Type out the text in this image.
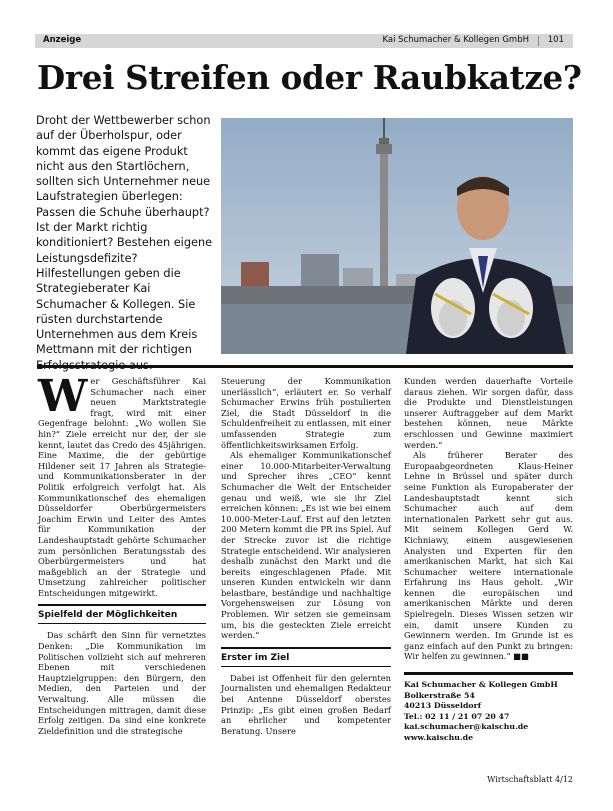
Anzeige	Kai Schumacher & Kollegen GmbH 101
Drei Streifen oder Raubkatze?
Droht der Wettbewerber schon auf der Überholspur, oder kommt das eigene Produkt nicht aus den Startlöchern, sollten sich Unternehmer neue Laufstrategien überlegen: Passen die Schuhe überhaupt? Ist der Markt richtig konditioniert? Bestehen eigene Leistungsdefizite? Hilfestellungen geben die Strategieberater Kai Schumacher & Kollegen. Sie rüsten durchstartende Unternehmen aus dem Kreis Mettmann mit der richtigen

Wer Geschäftsführer Kai Schumacher nach einer neuen Marktstrategie fragt, wird mit einer Gegenfrage belohnt: „Wo wollen Sie hin?“ Ziele erreicht nur der, der sie kennt, lautet das Credo des 45jährigen. Eine Maxime, die der gebürtige Hildener seit 17 Jahren als Strategie- und Kommunikationsberater in der Politik erfolgreich verfolgt hat. Als Kommunikationschef des ehemaligen Düsseldorfer Oberbürgermeisters Joachim Erwin und Leiter des Amtes für Kommunikation der Landeshauptstadt gehörte Schumacher zum persönlichen Beratungsstab des Oberbürgermeisters und hat maßgeblich an der Strategie und Umsetzung zahlreicher politischer Entscheidungen mitgewirkt.

Spielfeld der Möglichkeiten

Das schärft den Sinn für vernetztes Denken: „Die Kommunikation im Politischen vollzieht sich auf mehreren Ebenen mit verschiedenen Hauptzielgruppen: den Bürgern, den Medien, den Parteien und der Verwaltung. Alle müssen die Entscheidungen mittragen, damit diese Erfolg zeitigen. Da sind eine konkrete Zieldefinition und die strategische

Steuerung der Kommunikation unerlässlich“, erläutert er. So verhalf Schumacher Erwins früh postulierten Ziel, die Stadt Düsseldorf in die Schuldenfreiheit zu entlassen, mit einer umfassenden Strategie zum öffentlichkeitswirksamen Erfolg.

Als ehemaliger Kommunikationschef einer 10.000-Mitarbeiter-Verwaltung und Sprecher ihres „CEO“ kennt Schumacher die Welt der Entscheider genau und weiß, wie sie ihr Ziel erreichen können: „Es ist wie bei einem 10.000-Meter-Lauf. Erst auf den letzten 200 Metern kommt die PR ins Spiel. Auf der Strecke zuvor ist die richtige Strategie entscheidend. Wir analysieren deshalb zunächst den Markt und die bereits eingeschlagenen Pfade. Mit unseren Kunden entwickeln wir dann belastbare, beständige und nachhaltige Vorgehensweisen zur Lösung von Problemen. Wir setzen sie gemeinsam um, bis die gesteckten Ziele erreicht werden.“

Erster im Ziel

Dabei ist Offenheit für den gelernten Journalisten und ehemaligen Redakteur bei Antenne Düsseldorf oberstes Prinzip: „Es gibt einen großen Bedarf an ehrlicher und kompetenter Beratung. Unsere

Kunden werden dauerhafte Vorteile daraus ziehen. Wir sorgen dafür, dass die Produkte und Dienstleistungen unserer Auftraggeber auf dem Markt bestehen können, neue Märkte erschlossen und Gewinne maximiert werden.“

Als früherer Berater des Europaabgeordneten Klaus-Heiner Lehne in Brüssel und später durch seine Funktion als Europaberater der Landeshauptstadt kennt sich Schumacher auch auf dem internationalen Parkett sehr gut aus. Mit seinem Kollegen Gerd W. Kichniawy, einem ausgewiesenen Analysten und Experten für den amerikanischen Markt, hat sich Kai Schumacher weitere internationale Erfahrung ins Haus geholt. „Wir kennen die europäischen und amerikanischen Märkte und deren Spielregeln. Dieses Wissen setzen wir ein, damit unsere Kunden zu Gewinnern werden. Im Grunde ist es ganz einfach auf den Punkt zu bringen: Wir helfen zu gewinnen.“ ■■

Kai Schumacher & Kollegen GmbH
Bolkerstraße 54
40213 Düsseldorf
Tel.: 02 11 / 21 07 20 47
kai.schumacher@kaischu.de
www.kaischu.de
Wirtschaftsblatt 4/12
